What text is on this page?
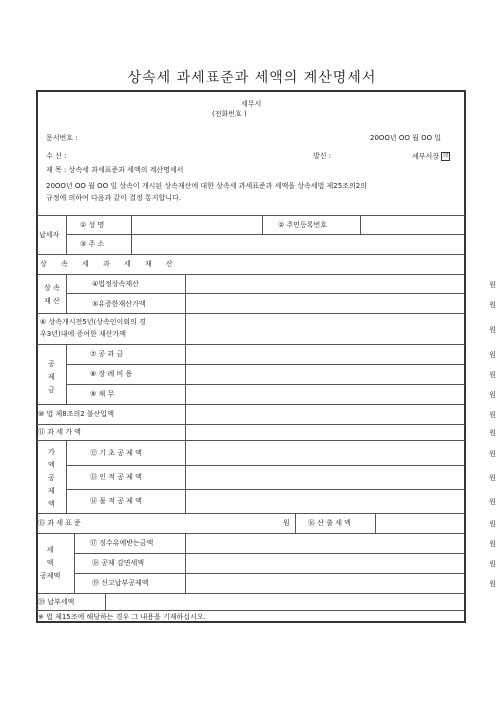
상속세 과세표준과 세액의 계산명세서
세무서
(전화번호 )
문서번호 :	20OO년 OO 월 OO 일
수 신 :	발신 :	세무서장 印
제 목 : 상속세 과세표준과 세액의 계산명세서
20OO년 OO 월 OO 일 상속이 개시된 상속재산에 대한 상속세 과세표준과 세액을 상속세법 제25조의2의
규정에 의하여 다음과 같이 결정 통지합니다.
납세자
① 성 명	② 주민등록번호
③ 주 소
상 속 세 과 세 재 산
상 속
재 산
④법정상속재산	원
⑤유증한재산가액	원
⑥ 상속개시전5년(상속인이외의 경
우3년)내에 증여한 재산가액	원
공
제
금
⑦ 공 과 금	원
⑧ 장 례 비 용	원
⑨ 채 무	원
⑩ 법 제8조의2 불산입액	원
⑪ 과 세 가 액	원
가
액
공
제
액
⑫ 기 초 공 제 액	원
⑬ 인 적 공 제 액	원
⑭ 물 적 공 제 액	원
⑮ 과 세 표 준	원	⑯ 산 출 세 액	원
세
액
공제액
⑰ 징수유예받는금액	원
⑱ 공제 감면세액	원
⑲ 신고납부공제액	원
⑳ 납부세액
※ 법 제15조에 해당하는 경우 그 내용을 기재하십시오.
